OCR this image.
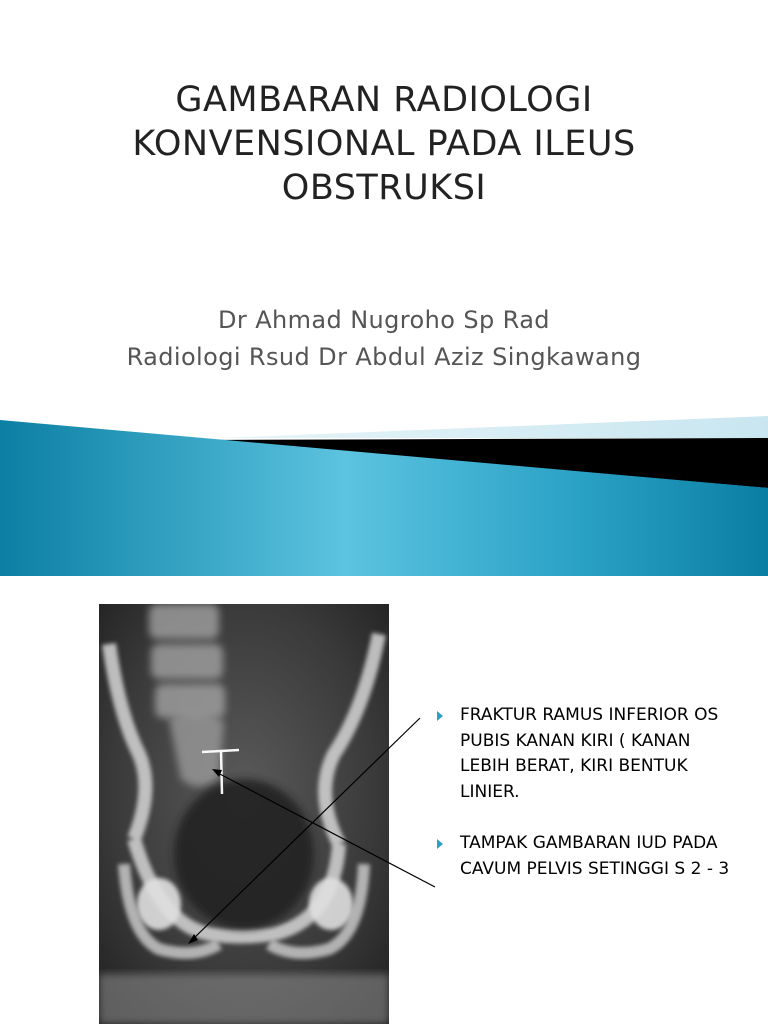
GAMBARAN RADIOLOGI
KONVENSIONAL PADA ILEUS
OBSTRUKSI
Dr Ahmad Nugroho Sp Rad
Radiologi Rsud Dr Abdul Aziz Singkawang
FRAKTUR RAMUS INFERIOR OS PUBIS KANAN KIRI ( KANAN LEBIH BERAT, KIRI BENTUK LINIER.
TAMPAK GAMBARAN IUD PADA CAVUM PELVIS SETINGGI S 2 - 3
